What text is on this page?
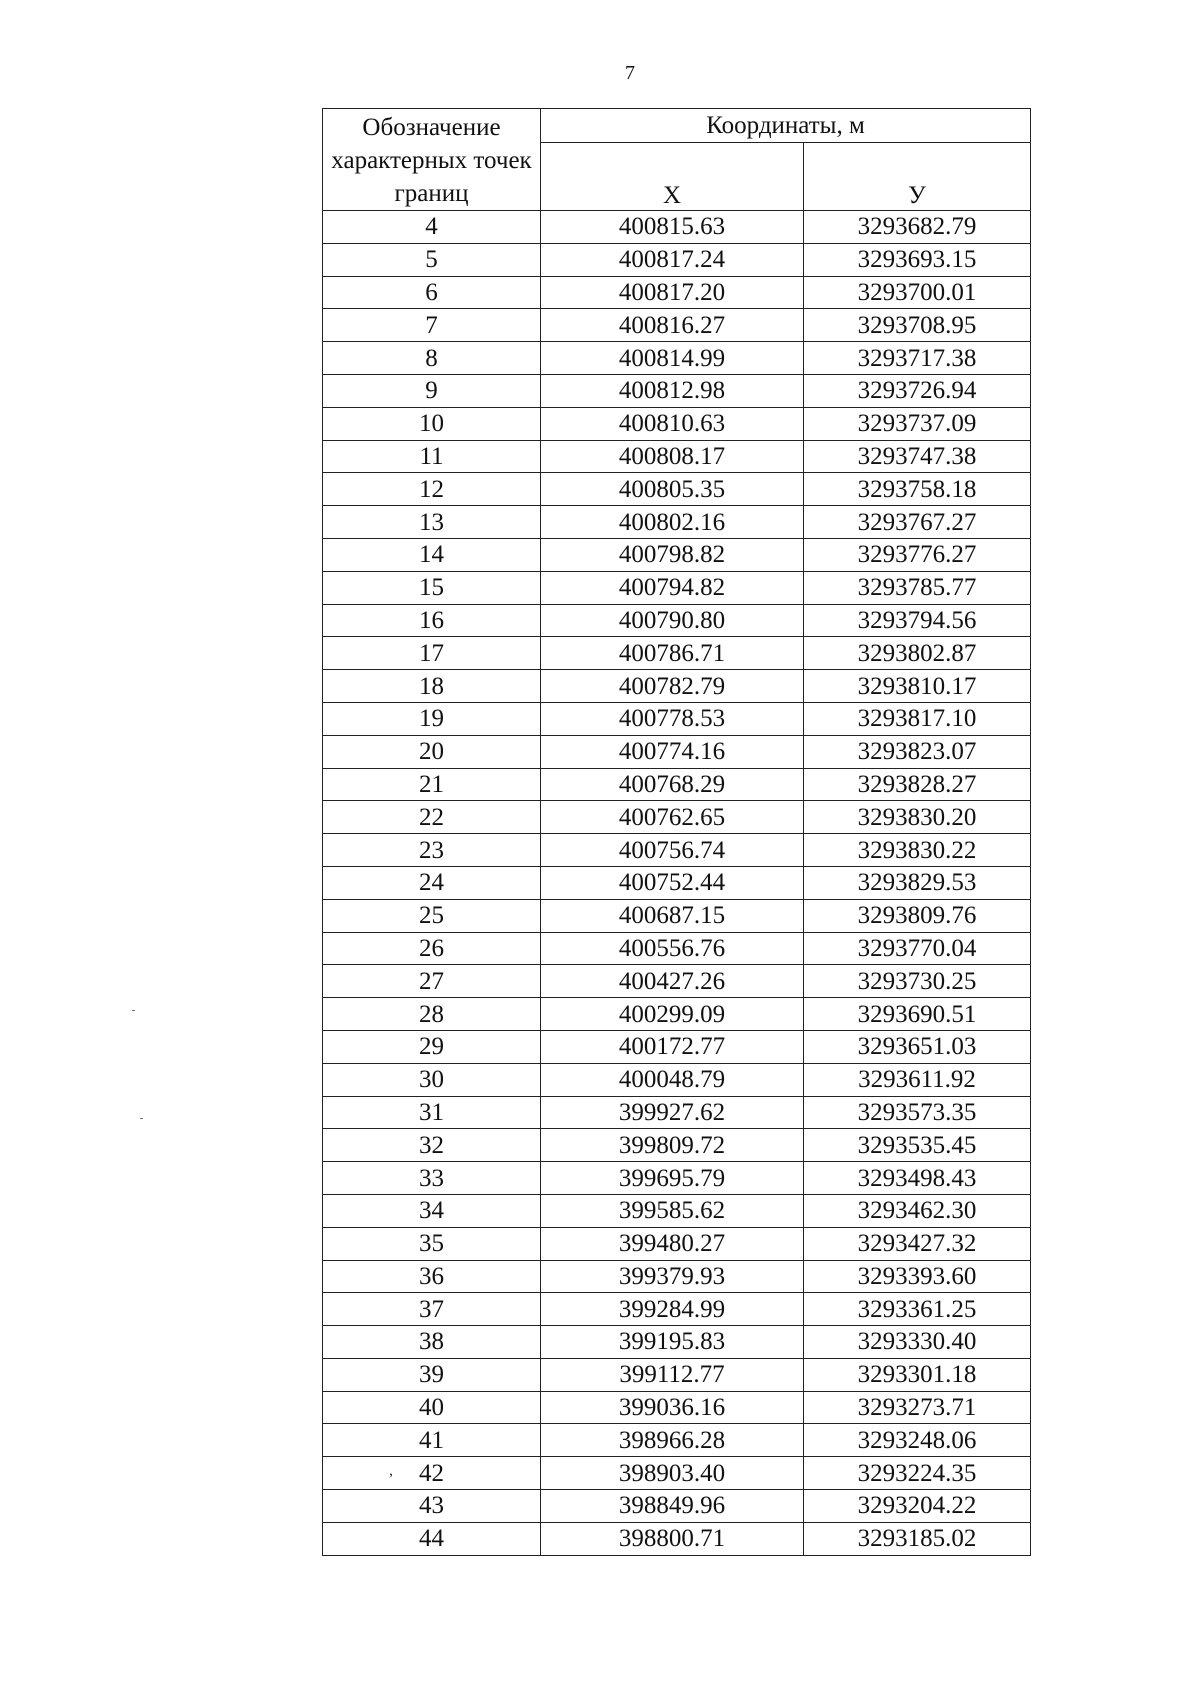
7
,
Обозначение характерных точек границ	Координаты, м	
	X	У
4	400815.63	3293682.79
5	400817.24	3293693.15
6	400817.20	3293700.01
7	400816.27	3293708.95
8	400814.99	3293717.38
9	400812.98	3293726.94
10	400810.63	3293737.09
11	400808.17	3293747.38
12	400805.35	3293758.18
13	400802.16	3293767.27
14	400798.82	3293776.27
15	400794.82	3293785.77
16	400790.80	3293794.56
17	400786.71	3293802.87
18	400782.79	3293810.17
19	400778.53	3293817.10
20	400774.16	3293823.07
21	400768.29	3293828.27
22	400762.65	3293830.20
23	400756.74	3293830.22
24	400752.44	3293829.53
25	400687.15	3293809.76
26	400556.76	3293770.04
27	400427.26	3293730.25
28	400299.09	3293690.51
29	400172.77	3293651.03
30	400048.79	3293611.92
31	399927.62	3293573.35
32	399809.72	3293535.45
33	399695.79	3293498.43
34	399585.62	3293462.30
35	399480.27	3293427.32
36	399379.93	3293393.60
37	399284.99	3293361.25
38	399195.83	3293330.40
39	399112.77	3293301.18
40	399036.16	3293273.71
41	398966.28	3293248.06
42	398903.40	3293224.35
43	398849.96	3293204.22
44	398800.71	3293185.02
